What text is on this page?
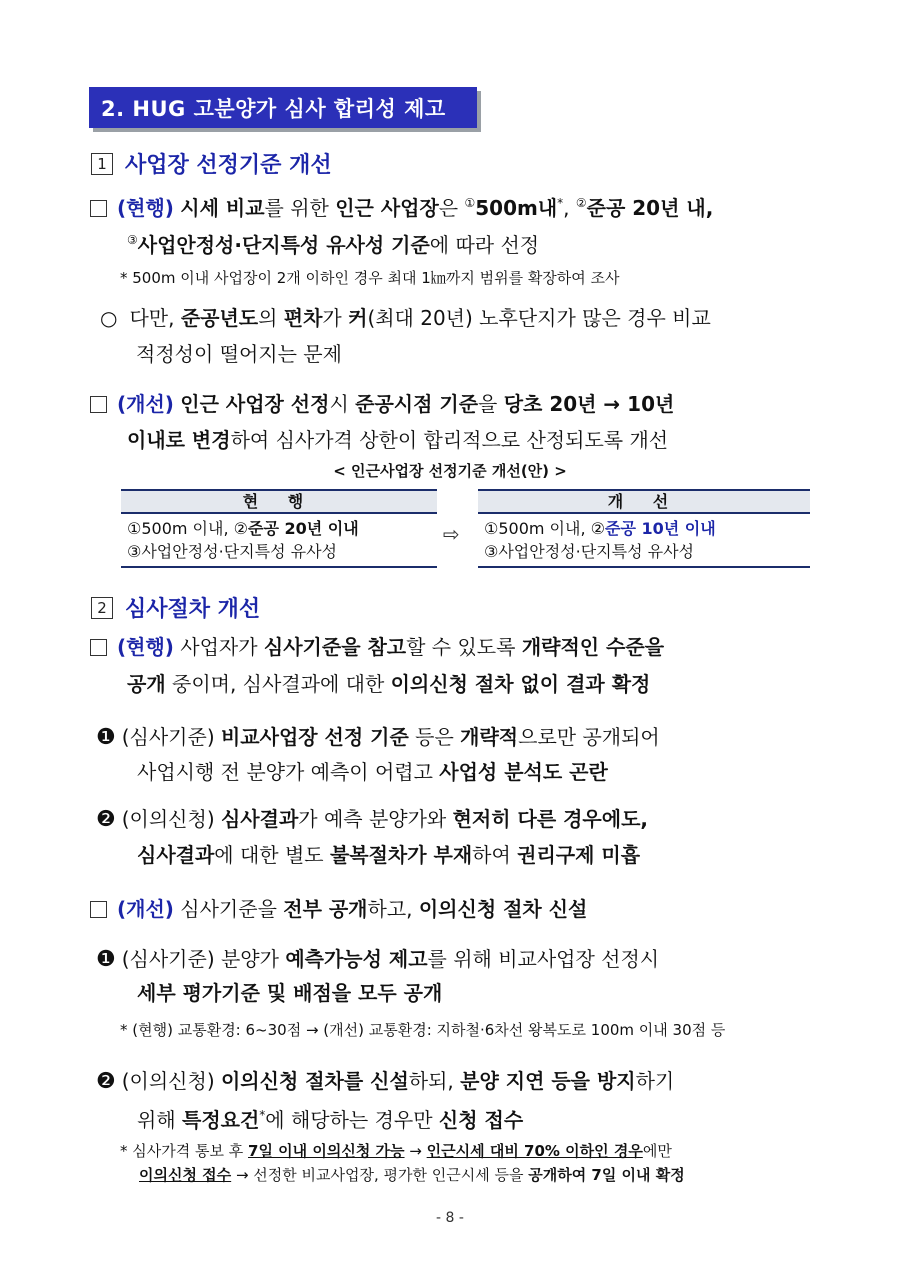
2. HUG 고분양가 심사 합리성 제고
1 사업장 선정기준 개선
(현행) 시세 비교를 위한 인근 사업장은 ①500m내*, ②준공 20년 내,
③사업안정성·단지특성 유사성 기준에 따라 선정
* 500m 이내 사업장이 2개 이하인 경우 최대 1㎞까지 범위를 확장하여 조사
○ 다만, 준공년도의 편차가 커(최대 20년) 노후단지가 많은 경우 비교
적정성이 떨어지는 문제
(개선) 인근 사업장 선정시 준공시점 기준을 당초 20년 → 10년
이내로 변경하여 심사가격 상한이 합리적으로 산정되도록 개선
< 인근사업장 선정기준 개선(안) >
현 행
①500m 이내, ②준공 20년 이내
③사업안정성·단지특성 유사성
⇨
개 선
①500m 이내, ②준공 10년 이내
③사업안정성·단지특성 유사성
2 심사절차 개선
(현행) 사업자가 심사기준을 참고할 수 있도록 개략적인 수준을
공개 중이며, 심사결과에 대한 이의신청 절차 없이 결과 확정
❶ (심사기준) 비교사업장 선정 기준 등은 개략적으로만 공개되어
사업시행 전 분양가 예측이 어렵고 사업성 분석도 곤란
❷ (이의신청) 심사결과가 예측 분양가와 현저히 다른 경우에도,
심사결과에 대한 별도 불복절차가 부재하여 권리구제 미흡
(개선) 심사기준을 전부 공개하고, 이의신청 절차 신설
❶ (심사기준) 분양가 예측가능성 제고를 위해 비교사업장 선정시
세부 평가기준 및 배점을 모두 공개
* (현행) 교통환경: 6~30점 → (개선) 교통환경: 지하철·6차선 왕복도로 100m 이내 30점 등
❷ (이의신청) 이의신청 절차를 신설하되, 분양 지연 등을 방지하기
위해 특정요건*에 해당하는 경우만 신청 접수
* 심사가격 통보 후 7일 이내 이의신청 가능 → 인근시세 대비 70% 이하인 경우에만
이의신청 접수 → 선정한 비교사업장, 평가한 인근시세 등을 공개하여 7일 이내 확정
- 8 -
